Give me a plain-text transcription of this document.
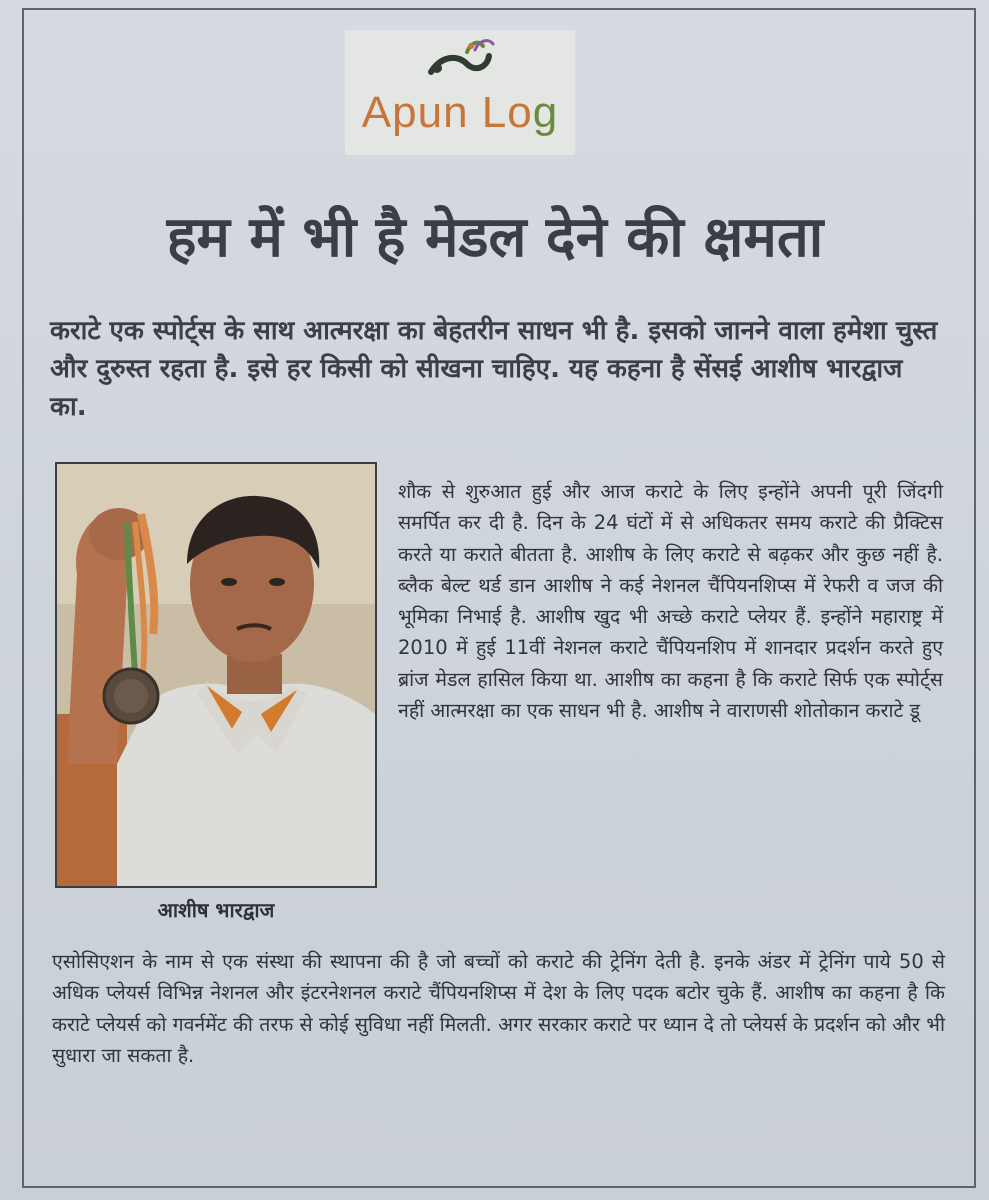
Apun Log
हम में भी है मेडल देने की क्षमता
कराटे एक स्पोर्ट्स के साथ आत्मरक्षा का बेहतरीन साधन भी है. इसको जानने वाला हमेशा चुस्त और दुरुस्त रहता है. इसे हर किसी को सीखना चाहिए. यह कहना है सेंसई आशीष भारद्वाज का.
आशीष भारद्वाज
शौक से शुरुआत हुई और आज कराटे के लिए इन्होंने अपनी पूरी जिंदगी समर्पित कर दी है. दिन के 24 घंटों में से अधिकतर समय कराटे की प्रैक्टिस करते या कराते बीतता है. आशीष के लिए कराटे से बढ़कर और कुछ नहीं है. ब्लैक बेल्ट थर्ड डान आशीष ने कई नेशनल चैंपियनशिप्स में रेफरी व जज की भूमिका निभाई है. आशीष खुद भी अच्छे कराटे प्लेयर हैं. इन्होंने महाराष्ट्र में 2010 में हुई 11वीं नेशनल कराटे चैंपियनशिप में शानदार प्रदर्शन करते हुए ब्रांज मेडल हासिल किया था. आशीष का कहना है कि कराटे सिर्फ एक स्पोर्ट्स नहीं आत्मरक्षा का एक साधन भी है. आशीष ने वाराणसी शोतोकान कराटे डू
एसोसिएशन के नाम से एक संस्था की स्थापना की है जो बच्चों को कराटे की ट्रेनिंग देती है. इनके अंडर में ट्रेनिंग पाये 50 से अधिक प्लेयर्स विभिन्न नेशनल और इंटरनेशनल कराटे चैंपियनशिप्स में देश के लिए पदक बटोर चुके हैं. आशीष का कहना है कि कराटे प्लेयर्स को गवर्नमेंट की तरफ से कोई सुविधा नहीं मिलती. अगर सरकार कराटे पर ध्यान दे तो प्लेयर्स के प्रदर्शन को और भी सुधारा जा सकता है.
